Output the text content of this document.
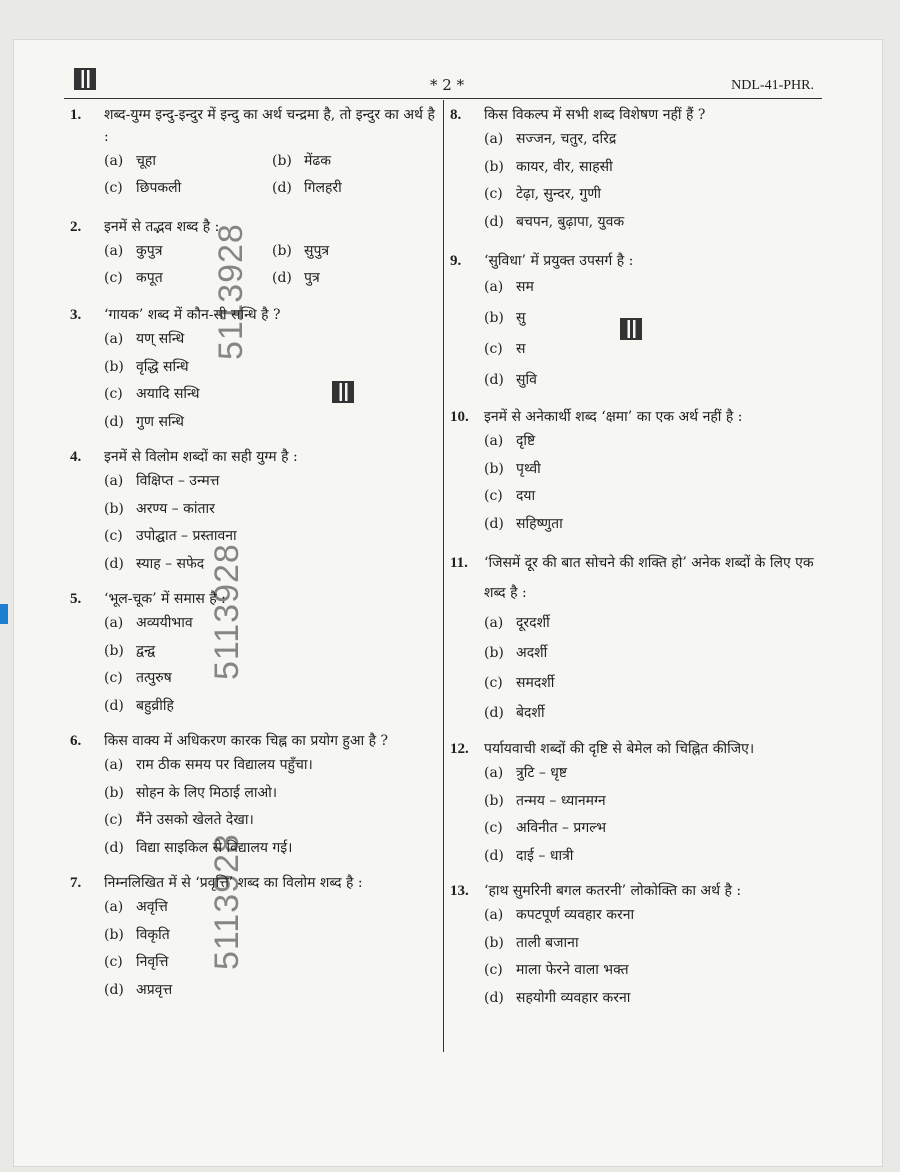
* 2 *	NDL-41-PHR.
5113928
5113928
5113928
1.	शब्द-युग्म इन्दु-इन्दुर में इन्दु का अर्थ चन्द्रमा है, तो इन्दुर का अर्थ है :
(a) चूहा	(b) मेंढक
(c) छिपकली	(d) गिलहरी
2.	इनमें से तद्भव शब्द है :
(a) कुपुत्र	(b) सुपुत्र
(c) कपूत	(d) पुत्र
3.	‘गायक’ शब्द में कौन-सी सन्धि है ?
(a) यण् सन्धि
(b) वृद्धि सन्धि
(c) अयादि सन्धि
(d) गुण सन्धि
4.	इनमें से विलोम शब्दों का सही युग्म है :
(a) विक्षिप्त – उन्मत्त
(b) अरण्य – कांतार
(c) उपोद्घात – प्रस्तावना
(d) स्याह – सफेद
5.	‘भूल-चूक’ में समास है :
(a) अव्ययीभाव
(b) द्वन्द्व
(c) तत्पुरुष
(d) बहुव्रीहि
6.	किस वाक्य में अधिकरण कारक चिह्न का प्रयोग हुआ है ?
(a) राम ठीक समय पर विद्यालय पहुँचा।
(b) सोहन के लिए मिठाई लाओ।
(c) मैंने उसको खेलते देखा।
(d) विद्या साइकिल से विद्यालय गई।
7.	निम्नलिखित में से ‘प्रवृत्ति’ शब्द का विलोम शब्द है :
(a) अवृत्ति
(b) विकृति
(c) निवृत्ति
(d) अप्रवृत्त
8.	किस विकल्प में सभी शब्द विशेषण नहीं हैं ?
(a) सज्जन, चतुर, दरिद्र
(b) कायर, वीर, साहसी
(c) टेढ़ा, सुन्दर, गुणी
(d) बचपन, बुढ़ापा, युवक
9.	‘सुविधा’ में प्रयुक्त उपसर्ग है :
(a) सम
(b) सु
(c) स
(d) सुवि
10.	इनमें से अनेकार्थी शब्द ‘क्षमा’ का एक अर्थ नहीं है :
(a) दृष्टि
(b) पृथ्वी
(c) दया
(d) सहिष्णुता
11.	‘जिसमें दूर की बात सोचने की शक्ति हो’ अनेक शब्दों के लिए एक शब्द है :
(a) दूरदर्शी
(b) अदर्शी
(c) समदर्शी
(d) बेदर्शी
12.	पर्यायवाची शब्दों की दृष्टि से बेमेल को चिह्नित कीजिए।
(a) त्रुटि – धृष्ट
(b) तन्मय – ध्यानमग्न
(c) अविनीत – प्रगल्भ
(d) दाई – धात्री
13.	‘हाथ सुमरिनी बगल कतरनी’ लोकोक्ति का अर्थ है :
(a) कपटपूर्ण व्यवहार करना
(b) ताली बजाना
(c) माला फेरने वाला भक्त
(d) सहयोगी व्यवहार करना
